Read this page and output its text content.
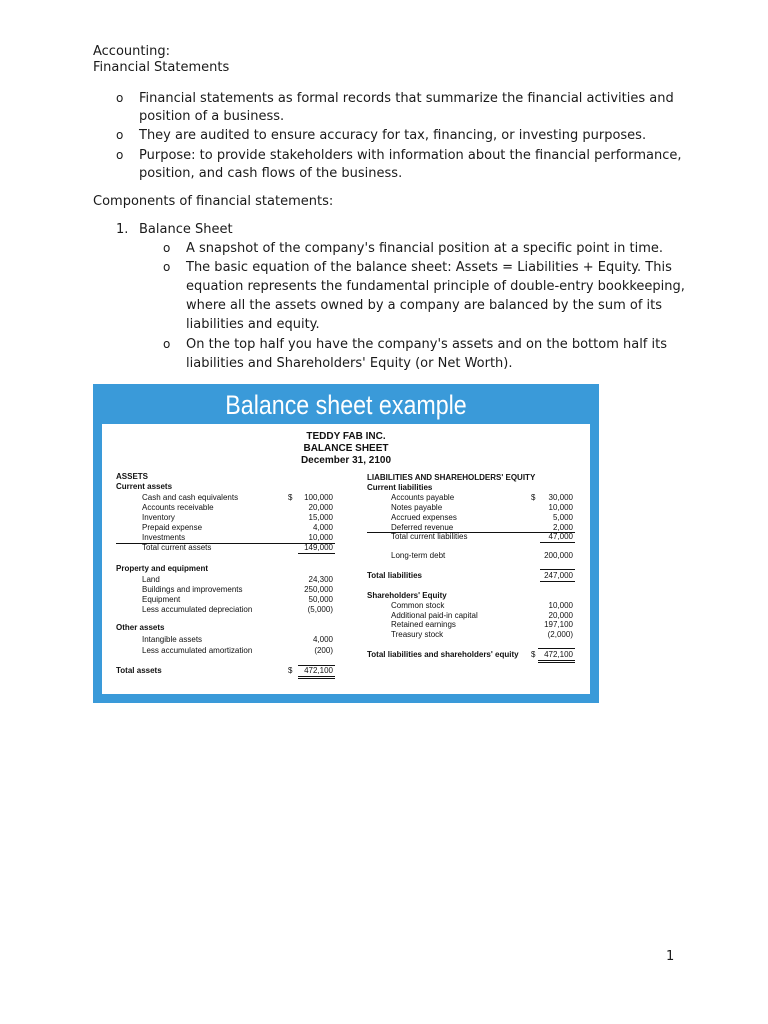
Accounting:
Financial Statements
o Financial statements as formal records that summarize the financial activities and
position of a business.
o They are audited to ensure accuracy for tax, financing, or investing purposes.
o Purpose: to provide stakeholders with information about the financial performance,
position, and cash flows of the business.
Components of financial statements:
1. Balance Sheet
o A snapshot of the company's financial position at a specific point in time.
o The basic equation of the balance sheet: Assets = Liabilities + Equity. This
equation represents the fundamental principle of double-entry bookkeeping,
where all the assets owned by a company are balanced by the sum of its
liabilities and equity.
o On the top half you have the company's assets and on the bottom half its
liabilities and Shareholders' Equity (or Net Worth).
Balance sheet example
TEDDY FAB INC.
BALANCE SHEET
December 31, 2100
ASSETS
Current assets
Cash and cash equivalents	$	100,000
Accounts receivable	20,000
Inventory	15,000
Prepaid expense	4,000
Investments	10,000
Total current assets	149,000
Property and equipment
Land	24,300
Buildings and improvements	250,000
Equipment	50,000
Less accumulated depreciation	(5,000)
Other assets
Intangible assets	4,000
Less accumulated amortization	(200)
Total assets	$	472,100
LIABILITIES AND SHAREHOLDERS' EQUITY
Current liabilities
Accounts payable	$	30,000
Notes payable	10,000
Accrued expenses	5,000
Deferred revenue	2,000
Total current liabilities	47,000
Long-term debt	200,000
Total liabilities	247,000
Shareholders' Equity
Common stock	10,000
Additional paid-in capital	20,000
Retained earnings	197,100
Treasury stock	(2,000)
Total liabilities and shareholders' equity $	472,100
1
